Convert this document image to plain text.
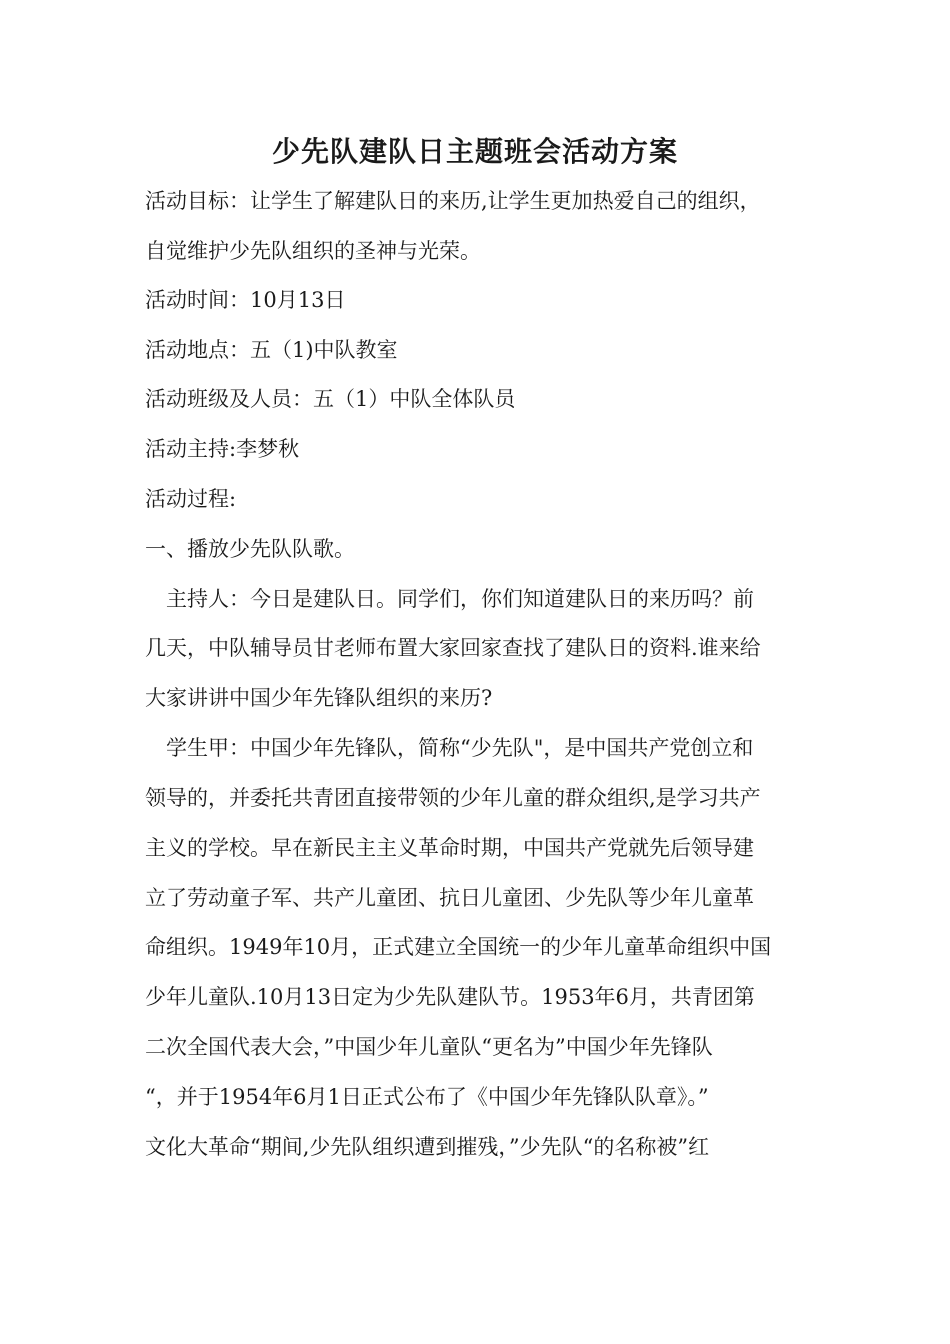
少先队建队日主题班会活动方案

活动目标：让学生了解建队日的来历,让学生更加热爱自己的组织，

自觉维护少先队组织的圣神与光荣。

活动时间：10月13日

活动地点：五（1)中队教室

活动班级及人员：五（1）中队全体队员

活动主持:李梦秋

活动过程:

一、播放少先队队歌。

　主持人：今日是建队日。同学们，你们知道建队日的来历吗？前

几天，中队辅导员甘老师布置大家回家查找了建队日的资料.谁来给

大家讲讲中国少年先锋队组织的来历?

　学生甲：中国少年先锋队，简称“少先队"，是中国共产党创立和

领导的，并委托共青团直接带领的少年儿童的群众组织,是学习共产

主义的学校。早在新民主主义革命时期，中国共产党就先后领导建

立了劳动童子军、共产儿童团、抗日儿童团、少先队等少年儿童革

命组织。1949年10月，正式建立全国统一的少年儿童革命组织中国

少年儿童队.10月13日定为少先队建队节。1953年6月，共青团第

二次全国代表大会，”中国少年儿童队“更名为”中国少年先锋队

“，并于1954年6月1日正式公布了《中国少年先锋队队章》。”

文化大革命“期间,少先队组织遭到摧残，”少先队“的名称被”红
